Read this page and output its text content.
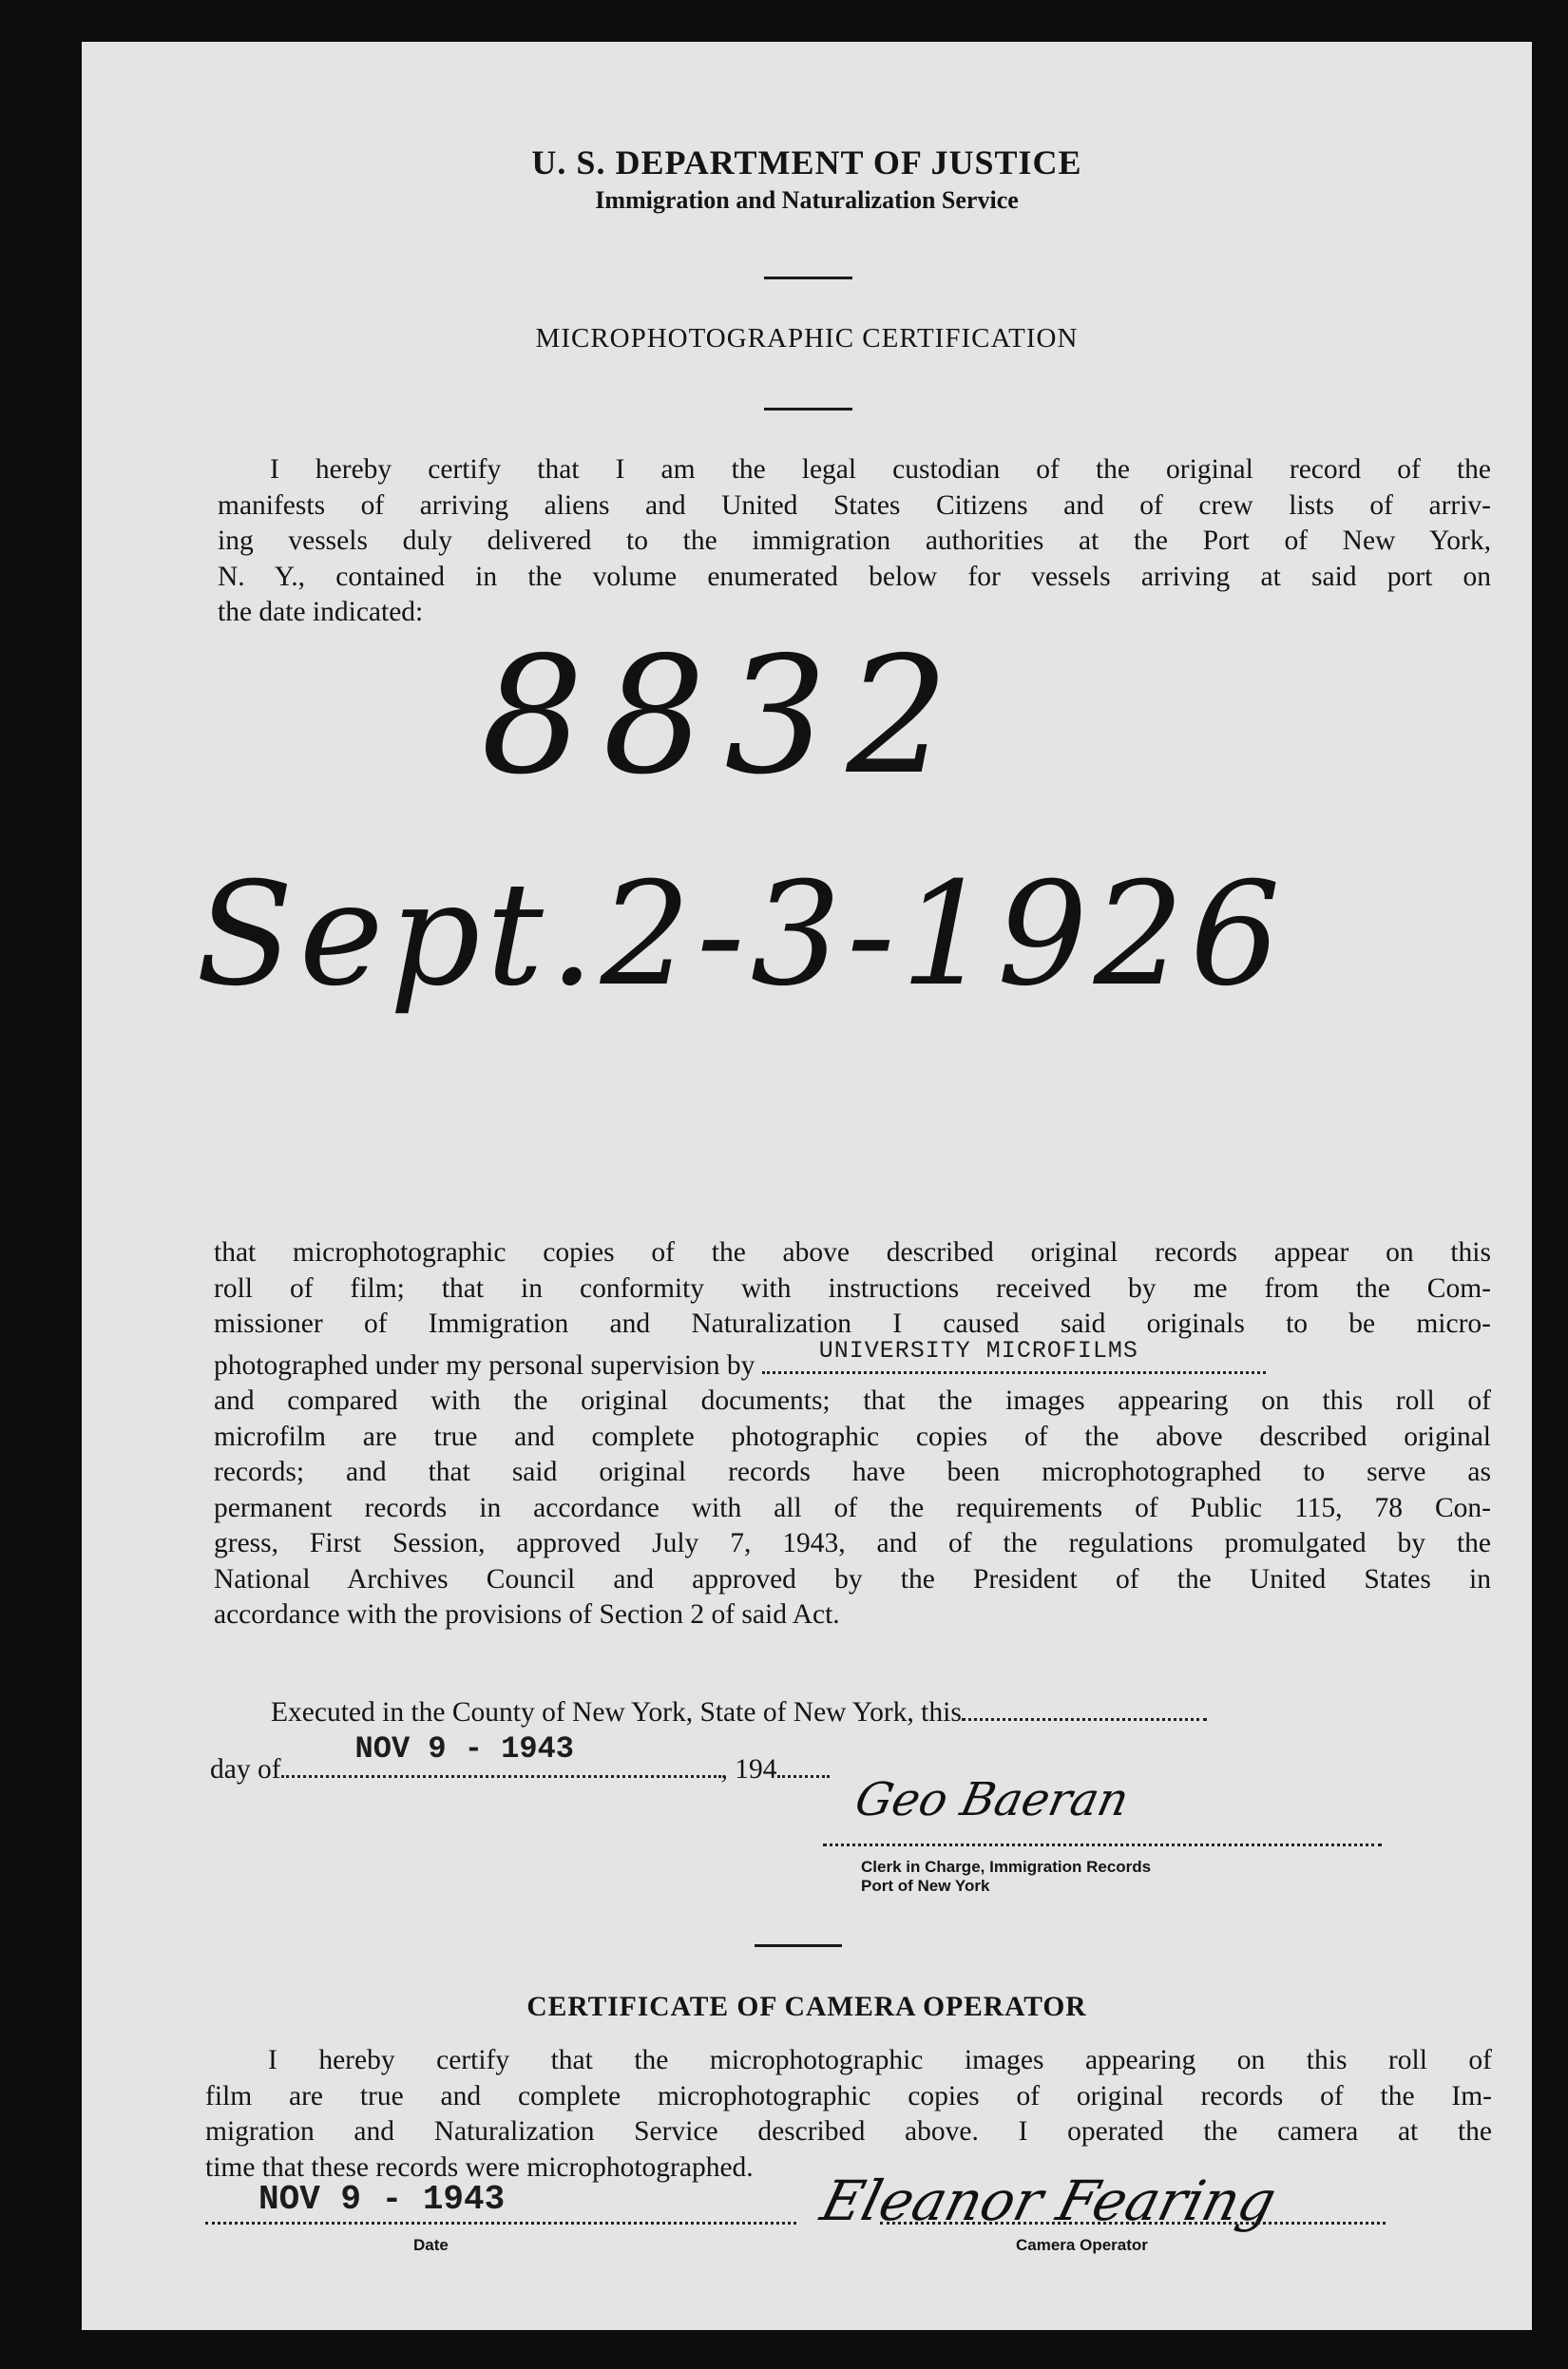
U. S. DEPARTMENT OF JUSTICE
Immigration and Naturalization Service
MICROPHOTOGRAPHIC CERTIFICATION
I hereby certify that I am the legal custodian of the original record of the
manifests of arriving aliens and United States Citizens and of crew lists of arriv-
ing vessels duly delivered to the immigration authorities at the Port of New York,
N. Y., contained in the volume enumerated below for vessels arriving at said port on
the date indicated:
8832
Sept.2-3-1926
that microphotographic copies of the above described original records appear on this
roll of film; that in conformity with instructions received by me from the Com-
missioner of Immigration and Naturalization I caused said originals to be micro-
photographed under my personal supervision by	UNIVERSITY MICROFILMS
and compared with the original documents; that the images appearing on this roll of
microfilm are true and complete photographic copies of the above described original
records; and that said original records have been microphotographed to serve as
permanent records in accordance with all of the requirements of Public 115, 78 Con-
gress, First Session, approved July 7, 1943, and of the regulations promulgated by the
National Archives Council and approved by the President of the United States in
accordance with the provisions of Section 2 of said Act.
Executed in the County of New York, State of New York, this
day of
NOV 9 - 1943
, 194
Geo Baeran
Clerk in Charge, Immigration Records
Port of New York
CERTIFICATE OF CAMERA OPERATOR
I hereby certify that the microphotographic images appearing on this roll of
film are true and complete microphotographic copies of original records of the Im-
migration and Naturalization Service described above. I operated the camera at the
time that these records were microphotographed.
NOV 9 - 1943
Date
Eleanor Fearing
Camera Operator
